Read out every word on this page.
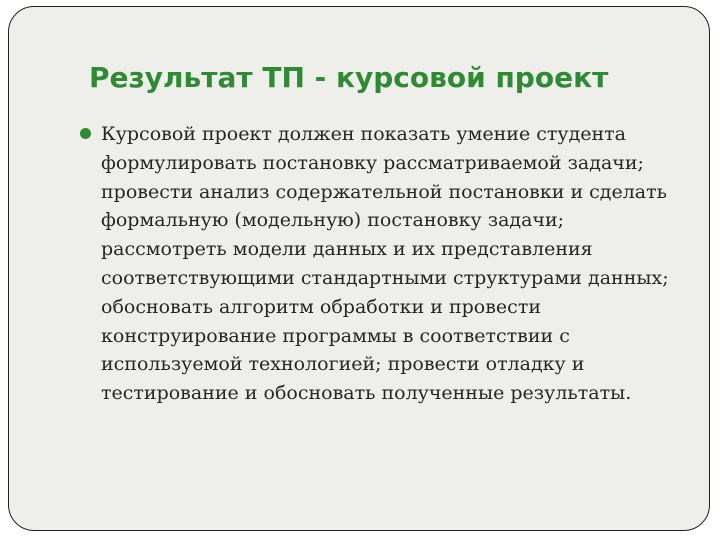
Результат ТП - курсовой проект

Курсовой проект должен показать умение студента формулировать постановку рассматриваемой задачи; провести анализ содержательной постановки и сделать формальную (модельную) постановку задачи; рассмотреть модели данных и их представления соответствующими стандартными структурами данных; обосновать алгоритм обработки и провести конструирование программы в соответствии с используемой технологией; провести отладку и тестирование и обосновать полученные результаты.
